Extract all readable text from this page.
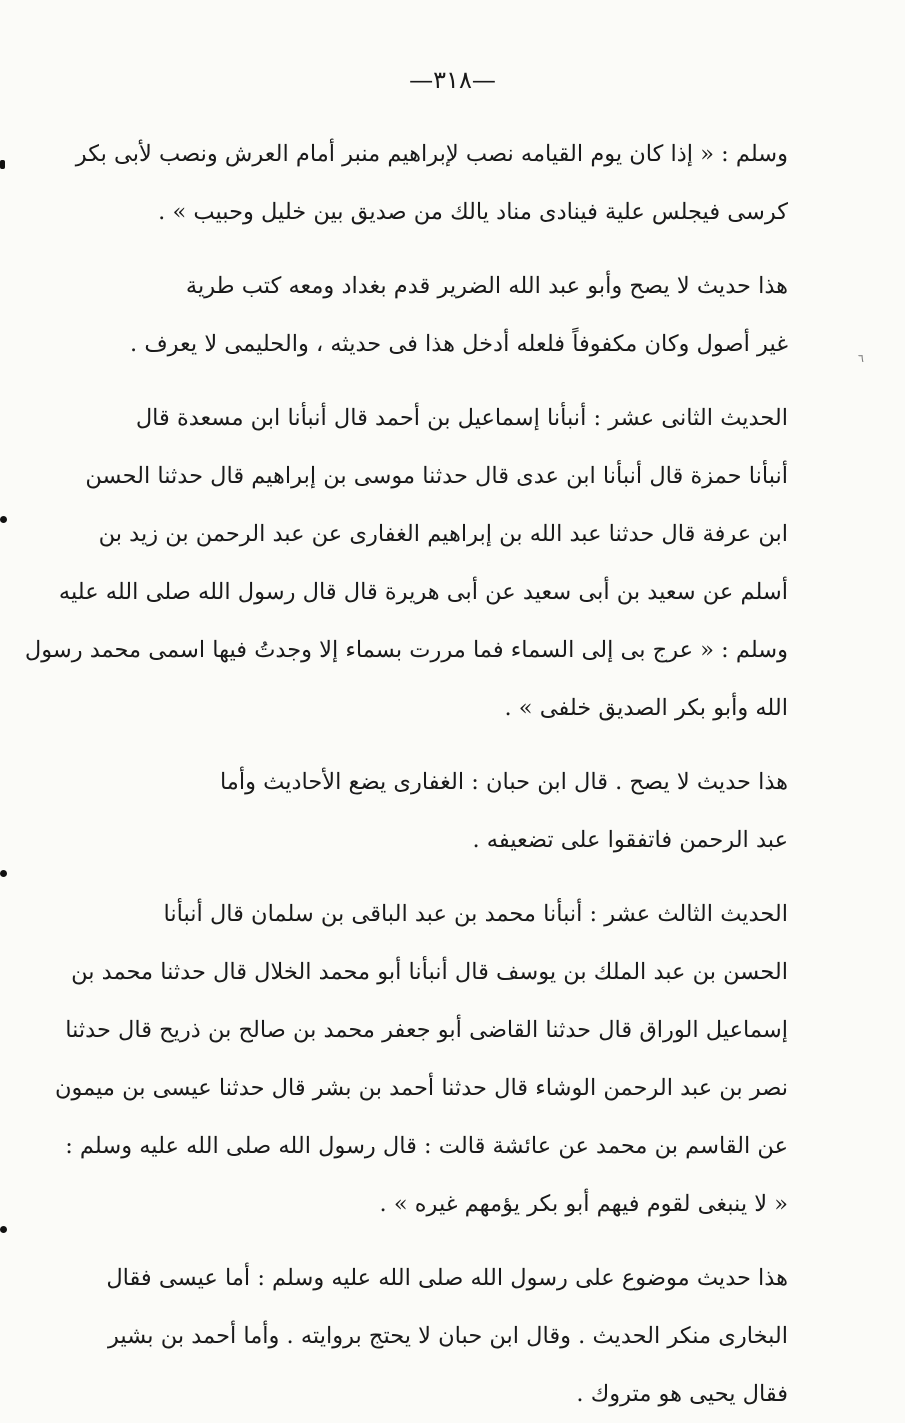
—٣١٨—
٦

وسلم : « إذا كان يوم القيامه نصب لإبراهيم منبر أمام العرش ونصب لأبى بكر
كرسى فيجلس علية فينادى مناد يالك من صديق بين خليل وحبيب » .

هذا حديث لا يصح وأبو عبد الله الضرير قدم بغداد ومعه كتب طرية
غير أصول وكان مكفوفاً فلعله أدخل هذا فى حديثه ، والحليمى لا يعرف .

الحديث الثانى عشر : أنبأنا إسماعيل بن أحمد قال أنبأنا ابن مسعدة قال
أنبأنا حمزة قال أنبأنا ابن عدى قال حدثنا موسى بن إبراهيم قال حدثنا الحسن
ابن عرفة قال حدثنا عبد الله بن إبراهيم الغفارى عن عبد الرحمن بن زيد بن
أسلم عن سعيد بن أبى سعيد عن أبى هريرة قال قال رسول الله صلى الله عليه
وسلم : « عرج بى إلى السماء فما مررت بسماء إلا وجدتُ فيها اسمى محمد رسول
الله وأبو بكر الصديق خلفى » .

هذا حديث لا يصح . قال ابن حبان : الغفارى يضع الأحاديث وأما
عبد الرحمن فاتفقوا على تضعيفه .

الحديث الثالث عشر : أنبأنا محمد بن عبد الباقى بن سلمان قال أنبأنا
الحسن بن عبد الملك بن يوسف قال أنبأنا أبو محمد الخلال قال حدثنا محمد بن
إسماعيل الوراق قال حدثنا القاضى أبو جعفر محمد بن صالح بن ذريح قال حدثنا
نصر بن عبد الرحمن الوشاء قال حدثنا أحمد بن بشر قال حدثنا عيسى بن ميمون
عن القاسم بن محمد عن عائشة قالت : قال رسول الله صلى الله عليه وسلم :
« لا ينبغى لقوم فيهم أبو بكر يؤمهم غيره » .

هذا حديث موضوع على رسول الله صلى الله عليه وسلم : أما عيسى فقال
البخارى منكر الحديث . وقال ابن حبان لا يحتج بروايته . وأما أحمد بن بشير
فقال يحيى هو متروك .
